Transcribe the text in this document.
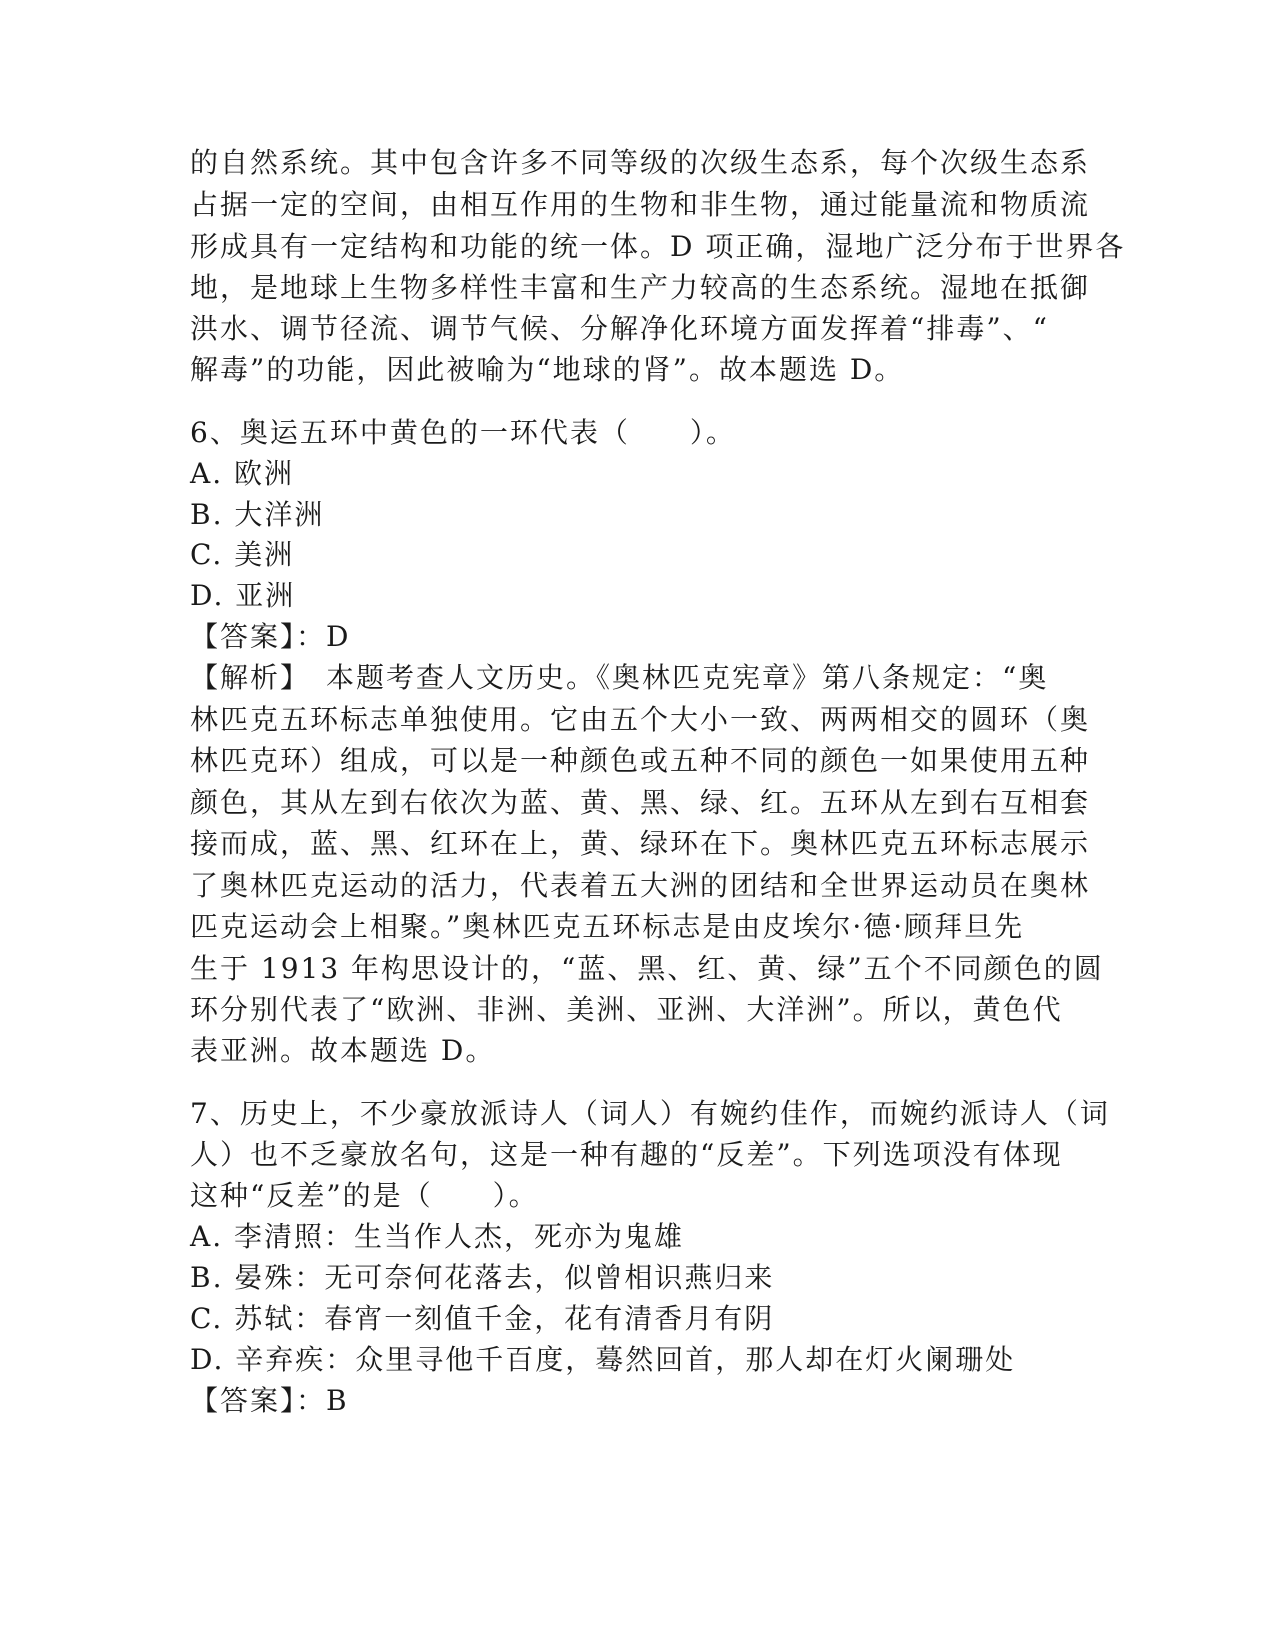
的自然系统。其中包含许多不同等级的次级生态系，每个次级生态系
占据一定的空间，由相互作用的生物和非生物，通过能量流和物质流
形成具有一定结构和功能的统一体。D 项正确，湿地广泛分布于世界各
地，是地球上生物多样性丰富和生产力较高的生态系统。湿地在抵御
洪水、调节径流、调节气候、分解净化环境方面发挥着“排毒”、“
解毒”的功能，因此被喻为“地球的肾”。故本题选 D。
6、奥运五环中黄色的一环代表（　　）。
A. 欧洲
B. 大洋洲
C. 美洲
D. 亚洲
【答案】：D
【解析】　本题考查人文历史。《奥林匹克宪章》第八条规定：“奥
林匹克五环标志单独使用。它由五个大小一致、两两相交的圆环（奥
林匹克环）组成，可以是一种颜色或五种不同的颜色一如果使用五种
颜色，其从左到右依次为蓝、黄、黑、绿、红。五环从左到右互相套
接而成，蓝、黑、红环在上，黄、绿环在下。奥林匹克五环标志展示
了奥林匹克运动的活力，代表着五大洲的团结和全世界运动员在奥林
匹克运动会上相聚。”奥林匹克五环标志是由皮埃尔·德·顾拜旦先
生于 1913 年构思设计的，“蓝、黑、红、黄、绿”五个不同颜色的圆
环分别代表了“欧洲、非洲、美洲、亚洲、大洋洲”。所以，黄色代
表亚洲。故本题选 D。
7、历史上，不少豪放派诗人（词人）有婉约佳作，而婉约派诗人（词
人）也不乏豪放名句，这是一种有趣的“反差”。下列选项没有体现
这种“反差”的是（　　）。
A. 李清照：生当作人杰，死亦为鬼雄
B. 晏殊：无可奈何花落去，似曾相识燕归来
C. 苏轼：春宵一刻值千金，花有清香月有阴
D. 辛弃疾：众里寻他千百度，蓦然回首，那人却在灯火阑珊处
【答案】：B
